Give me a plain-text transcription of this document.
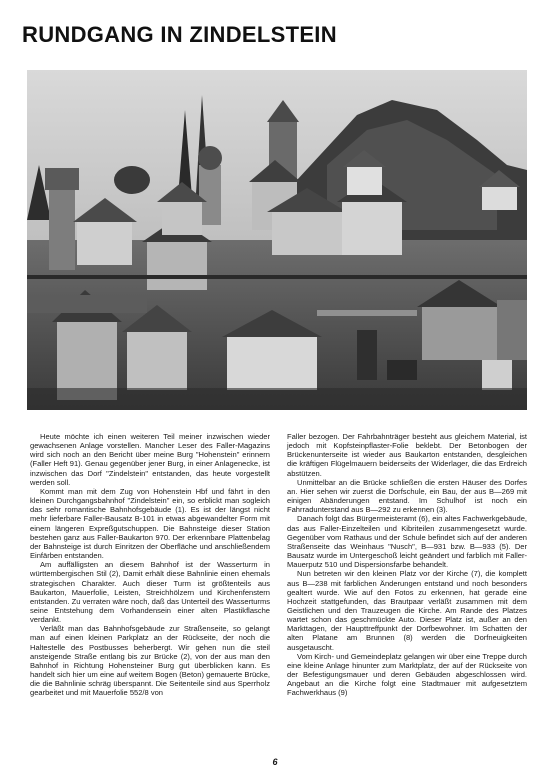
RUNDGANG IN ZINDELSTEIN

Heute möchte ich einen weiteren Teil meiner inzwischen wieder gewachsenen Anlage vorstellen. Mancher Leser des Faller-Magazins wird sich noch an den Bericht über meine Burg "Hohenstein" erinnern (Faller Heft 91). Genau gegenüber jener Burg, in einer Anlagenecke, ist inzwischen das Dorf "Zindelstein" entstanden, das heute vorgestellt werden soll.

Kommt man mit dem Zug von Hohenstein Hbf und fährt in den kleinen Durchgangsbahnhof "Zindelstein" ein, so erblickt man sogleich das sehr romantische Bahnhofsgebäude (1). Es ist der längst nicht mehr lieferbare Faller-Bausatz B-101 in etwas abgewandelter Form mit einem längeren Expreßgutschuppen. Die Bahnsteige dieser Station bestehen ganz aus Faller-Baukarton 970. Der erkennbare Plattenbelag der Bahnsteige ist durch Einritzen der Oberfläche und anschließendem Einfärben entstanden.

Am auffälligsten an diesem Bahnhof ist der Wasserturm in württembergischen Stil (2), Damit erhält diese Bahnlinie einen ehemals strategischen Charakter. Auch dieser Turm ist größtenteils aus Baukarton, Mauerfolie, Leisten, Streichhölzern und Kirchenfenstern entstanden. Zu verraten wäre noch, daß das Unterteil des Wasserturms seine Entstehung dem Vorhandensein einer alten Plastikflasche verdankt.

Verläßt man das Bahnhofsgebäude zur Straßenseite, so gelangt man auf einen kleinen Parkplatz an der Rückseite, der noch die Haltestelle des Postbusses beherbergt. Wir gehen nun die steil ansteigende Straße entlang bis zur Brücke (2), von der aus man den Bahnhof in Richtung Hohensteiner Burg gut überblicken kann. Es handelt sich hier um eine auf weitem Bogen (Beton) gemauerte Brücke, die die Bahnlinie schräg überspannt. Die Seitenteile sind aus Sperrholz gearbeitet und mit Mauerfolie 552/8 von

Faller bezogen. Der Fahrbahnträger besteht aus gleichem Material, ist jedoch mit Kopfsteinpflaster-Folie beklebt. Der Betonbogen der Brückenunterseite ist wieder aus Baukarton entstanden, desgleichen die kräftigen Flügelmauern beiderseits der Widerlager, die das Erdreich abstützen.

Unmittelbar an die Brücke schließen die ersten Häuser des Dorfes an. Hier sehen wir zuerst die Dorfschule, ein Bau, der aus B—269 mit einigen Abänderungen entstand. Im Schulhof ist noch ein Fahrradunterstand aus B—292 zu erkennen (3).

Danach folgt das Bürgermeisteramt (6), ein altes Fachwerkgebäude, das aus Faller-Einzelteilen und Kibriteilen zusammengesetzt wurde. Gegenüber vom Rathaus und der Schule befindet sich auf der anderen Straßenseite das Weinhaus "Nusch", B—931 bzw. B—933 (5). Der Bausatz wurde im Untergeschoß leicht geändert und farblich mit Faller-Mauerputz 510 und Dispersionsfarbe behandelt.

Nun betreten wir den kleinen Platz vor der Kirche (7), die komplett aus B—238 mit farblichen Änderungen entstand und noch besonders gealtert wurde. Wie auf den Fotos zu erkennen, hat gerade eine Hochzeit stattgefunden, das Brautpaar verläßt zusammen mit dem Geistlichen und den Trauzeugen die Kirche. Am Rande des Platzes wartet schon das geschmückte Auto. Dieser Platz ist, außer an den Markttagen, der Haupttreffpunkt der Dorfbewohner. Im Schatten der alten Platane am Brunnen (8) werden die Dorfneuigkeiten ausgetauscht.

Vom Kirch- und Gemeindeplatz gelangen wir über eine Treppe durch eine kleine Anlage hinunter zum Marktplatz, der auf der Rückseite von der Befestigungsmauer und deren Gebäuden abgeschlossen wird. Angebaut an die Kirche folgt eine Stadtmauer mit aufgesetztem Fachwerkhaus (9)

6
